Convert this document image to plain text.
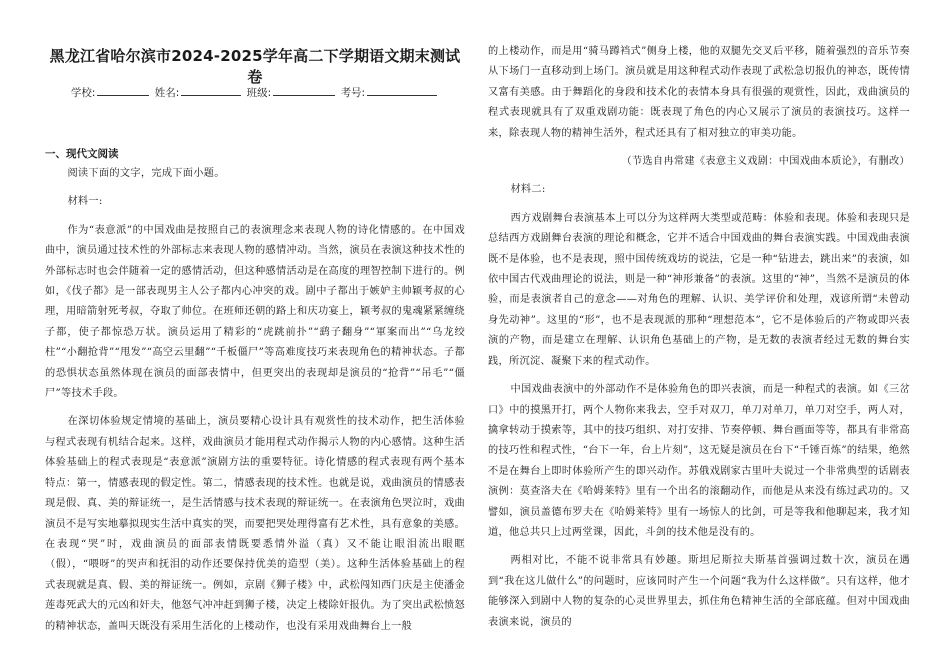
黑龙江省哈尔滨市2024-2025学年高二下学期语文期末测试卷
学校:	姓名:	班级:	考号:
一、现代文阅读

阅读下面的文字，完成下面小题。

材料一:

作为“表意派”的中国戏曲是按照自己的表演理念来表现人物的诗化情感的。在中国戏曲中，演员通过技术性的外部标志来表现人物的感情冲动。当然，演员在表演这种技术性的外部标志时也会伴随着一定的感情活动，但这种感情活动是在高度的理智控制下进行的。例如，《伐子都》是一部表现男主人公子都内心冲突的戏。剧中子都出于嫉妒主帅颖考叔的心理，用暗箭射死考叔，夺取了帅位。在班师还朝的路上和庆功宴上，颖考叔的鬼魂紧紧缠绕子都，使子都惊恐万状。演员运用了精彩的“虎跳前扑”“鹞子翻身”“軍案而出”“乌龙绞柱”“小翻抢背”“甩发”“高空云里翻”“千板僵尸”等高难度技巧来表现角色的精神状态。子都的恐惧状态虽然体现在演员的面部表情中，但更突出的表现却是演员的“抢背”“吊毛”“僵尸”等技术手段。

在深切体验规定情境的基础上，演员要精心设计具有观赏性的技术动作，把生活体验与程式表现有机结合起来。这样，戏曲演员才能用程式动作揭示人物的内心感情。这种生活体验基础上的程式表现是“表意派”演剧方法的重要特征。诗化情感的程式表现有两个基本特点：第一，情感表现的假定性。第二，情感表现的技术性。也就是说，戏曲演员的情感表现是假、真、美的辩证统一，是生活情感与技术表现的辩证统一。在表演角色哭泣时，戏曲演员不是写实地摹拟现实生活中真实的哭，而要把哭处理得富有艺术性，具有意象的美感。在表现“哭”时，戏曲演员的面部表情既要悉情外溢（真）又不能让眼泪流出眼眶（假），“喂呀”的哭声和抚泪的动作还要保持优美的造型（美）。这种生活体验基础上的程式表现就是真、假、美的辩证统一。例如，京剧《狮子楼》中，武松闯知西门庆是主使潘金莲毒死武大的元凶和奸夫，他怒气冲冲赶到狮子楼，决定上楼除奸报仇。为了突出武松愤怒的精神状态，盖叫天既没有采用生活化的上楼动作，也没有采用戏曲舞台上一般

的上楼动作，而是用“骑马蹲裆式”侧身上楼，他的双腿先交叉后平移，随着强烈的音乐节奏从下场门一直移动到上场门。演员就是用这种程式动作表现了武松急切报仇的神态，既传情又富有美感。由于舞蹈化的身段和技术化的表情本身具有很强的观赏性，因此，戏曲演员的程式表现就具有了双重戏剧功能：既表现了角色的内心又展示了演员的表演技巧。这样一来，除表现人物的精神生活外，程式还具有了相对独立的审美功能。

（节选自冉常建《表意主义戏剧：中国戏曲本质论》，有删改）

材料二:

西方戏剧舞台表演基本上可以分为这样两大类型或范畴：体验和表现。体验和表现只是总结西方戏剧舞台表演的理论和概念，它并不适合中国戏曲的舞台表演实践。中国戏曲表演既不是体验，也不是表现，照中国传统戏坊的说法，它是一种“钻进去，跳出来”的表演，如依中国古代戏曲理论的说法，则是一种“神形兼备”的表演。这里的“神”，当然不是演员的体验，而是表演者自己的意念——对角色的理解、认识、美学评价和处理，戏谚所谓“未曾动身先动神”。这里的“形”，也不是表现派的那种“理想范本”，它不是体验后的产物或即兴表演的产物，而是建立在理解、认识角色基础上的产物，是无数的表演者经过无数的舞台实践，所沉淀、凝聚下来的程式动作。

中国戏曲表演中的外部动作不是体验角色的即兴表演，而是一种程式的表演。如《三岔口》中的摸黑开打，两个人物你来我去，空手对双刀，单刀对单刀，单刀对空手，两人对，擒拿转动于摸索等，其中的技巧组织、对打安排、节奏停顿、舞台画面等等，都具有非常高的技巧性和程式性，“台下一年，台上片刻”，这无疑是演员在台下“千锤百炼”的结果，绝然不是在舞台上即时体验所产生的即兴动作。苏俄戏剧家古里叶夫说过一个非常典型的话剧表演例：莫查洛夫在《哈姆莱特》里有一个出名的滚翻动作，而他是从来没有练过武功的。又譬如，演员盖德布罗夫在《哈姆莱特》里有一场惊人的比剑，可是等我和他聊起来，我才知道，他总共只上过两堂课，因此，斗剑的技术他是没有的。

两相对比，不能不说非常具有妙趣。斯坦尼斯拉夫斯基首强调过数十次，演员在遇到“我在这儿做什么”的问题时，应该同时产生一个问题“我为什么这样做”。只有这样，他才能够深入到剧中人物的复杂的心灵世界里去，抓住角色精神生活的全部底蕴。但对中国戏曲表演来说，演员的
